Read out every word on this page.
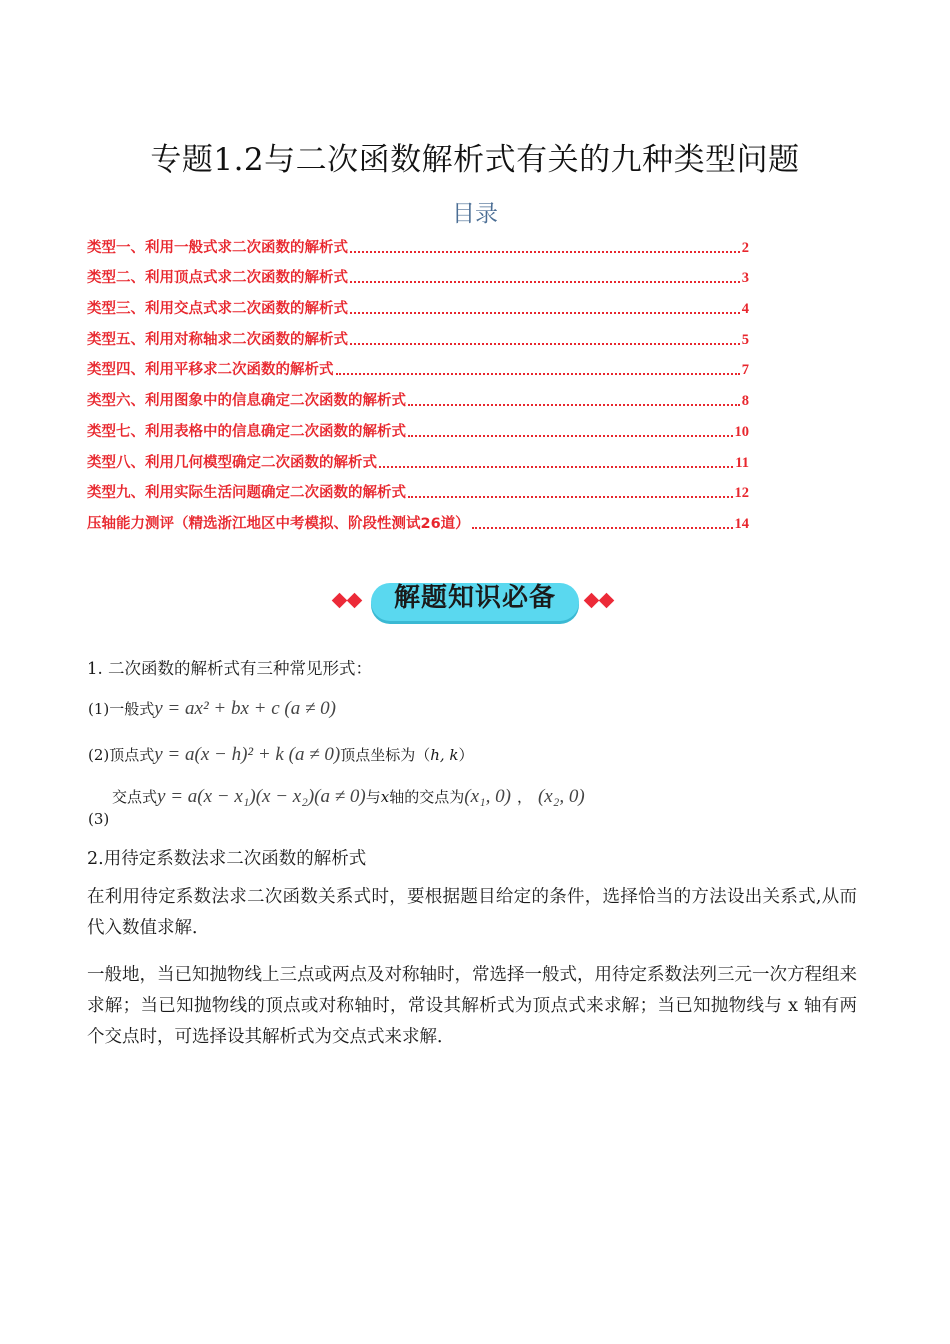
专题1.2与二次函数解析式有关的九种类型问题
目录
类型一、利用一般式求二次函数的解析式	2
类型二、利用顶点式求二次函数的解析式	3
类型三、利用交点式求二次函数的解析式	4
类型五、利用对称轴求二次函数的解析式	5
类型四、利用平移求二次函数的解析式	7
类型六、利用图象中的信息确定二次函数的解析式	8
类型七、利用表格中的信息确定二次函数的解析式	10
类型八、利用几何模型确定二次函数的解析式	11
类型九、利用实际生活问题确定二次函数的解析式	12
压轴能力测评（精选浙江地区中考模拟、阶段性测试26道）	14
解题知识必备
1. 二次函数的解析式有三种常见形式：
(1)一般式y = ax² + bx + c (a ≠ 0)
(2)顶点式y = a(x − h)² + k (a ≠ 0)顶点坐标为（h, k）
(3)
交点式y = a(x − x₁)(x − x₂)(a ≠ 0)与x轴的交点为(x₁, 0) ， (x₂, 0)
2.用待定系数法求二次函数的解析式
在利用待定系数法求二次函数关系式时，要根据题目给定的条件，选择恰当的方法设出关系式,从而代入数值求解．
一般地，当已知抛物线上三点或两点及对称轴时，常选择一般式，用待定系数法列三元一次方程组来求解；当已知抛物线的顶点或对称轴时，常设其解析式为顶点式来求解；当已知抛物线与 x 轴有两个交点时，可选择设其解析式为交点式来求解．
